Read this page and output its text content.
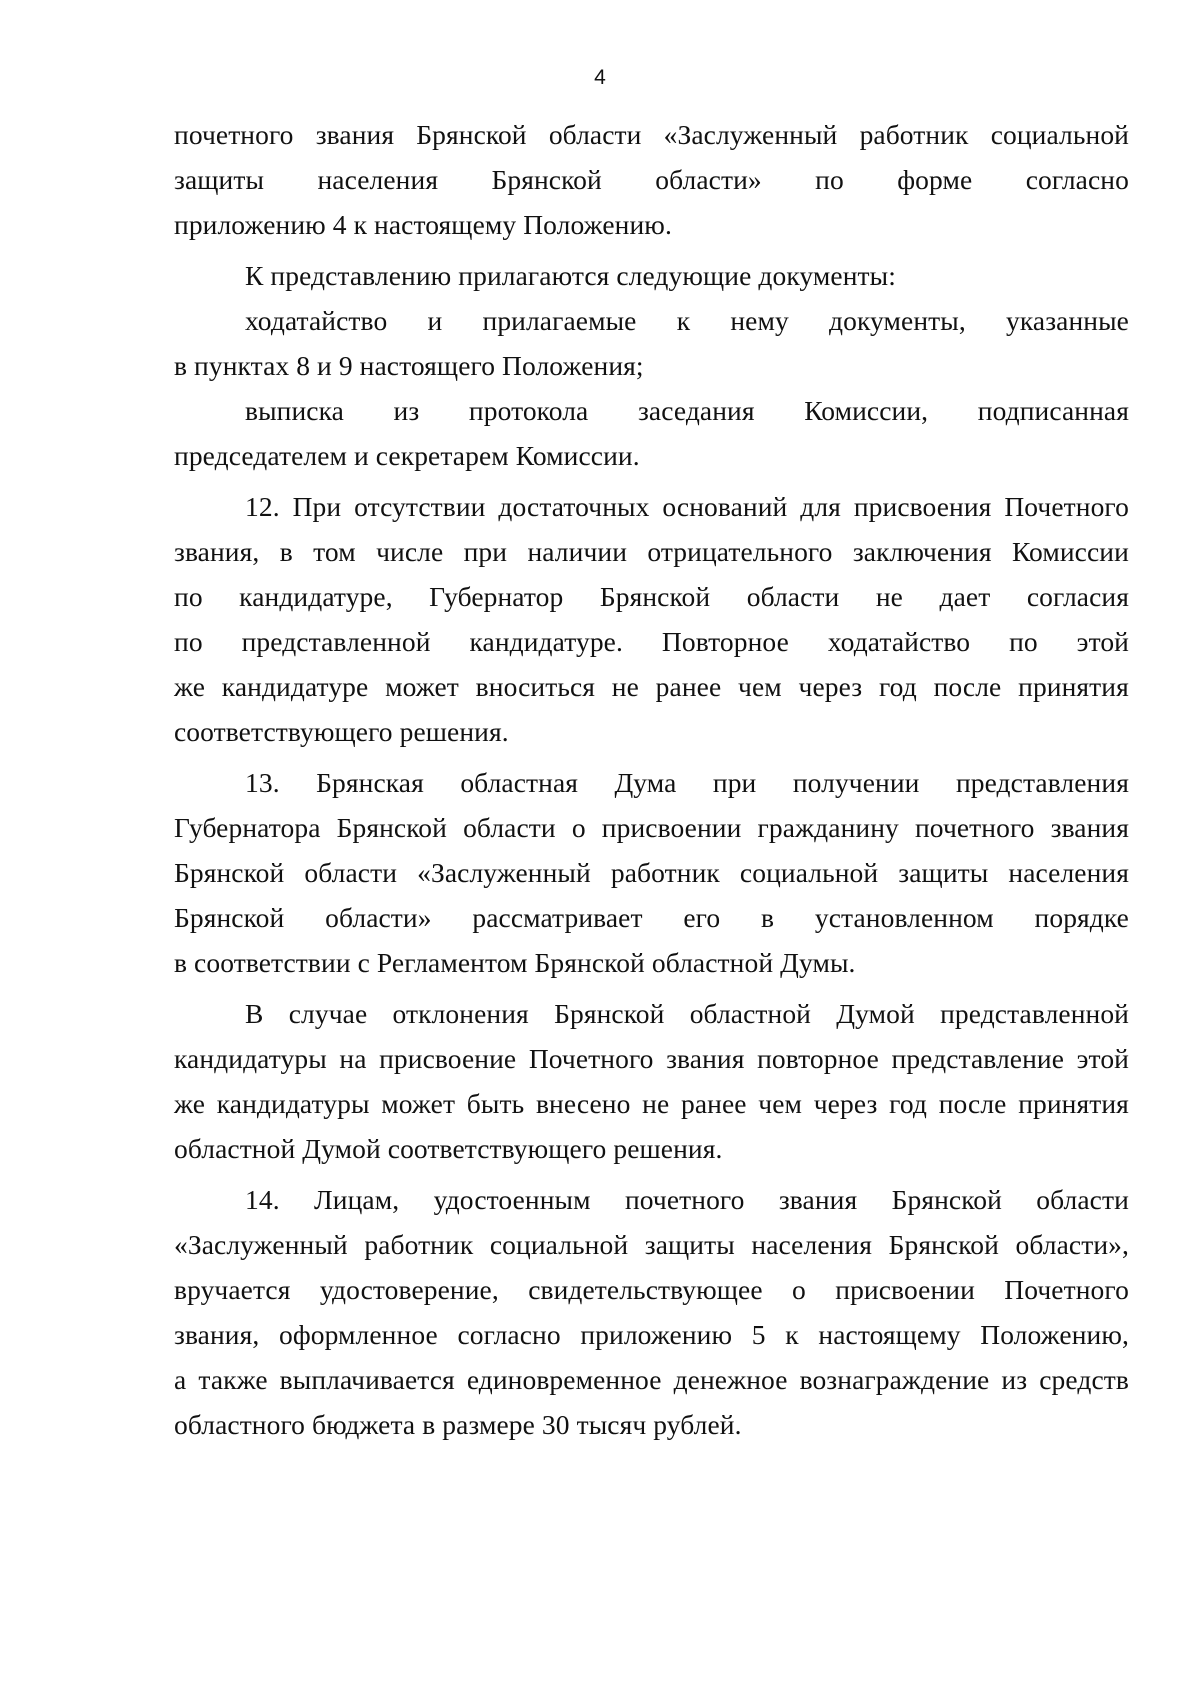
4
почетного звания Брянской области «Заслуженный работник социальной
защиты населения Брянской области» по форме согласно
приложению 4 к настоящему Положению.
К представлению прилагаются следующие документы:
ходатайство и прилагаемые к нему документы, указанные
в пунктах 8 и 9 настоящего Положения;
выписка из протокола заседания Комиссии, подписанная
председателем и секретарем Комиссии.
12. При отсутствии достаточных оснований для присвоения Почетного
звания, в том числе при наличии отрицательного заключения Комиссии
по кандидатуре, Губернатор Брянской области не дает согласия
по представленной кандидатуре. Повторное ходатайство по этой
же кандидатуре может вноситься не ранее чем через год после принятия
соответствующего решения.
13. Брянская областная Дума при получении представления
Губернатора Брянской области о присвоении гражданину почетного звания
Брянской области «Заслуженный работник социальной защиты населения
Брянской области» рассматривает его в установленном порядке
в соответствии с Регламентом Брянской областной Думы.
В случае отклонения Брянской областной Думой представленной
кандидатуры на присвоение Почетного звания повторное представление этой
же кандидатуры может быть внесено не ранее чем через год после принятия
областной Думой соответствующего решения.
14. Лицам, удостоенным почетного звания Брянской области
«Заслуженный работник социальной защиты населения Брянской области»,
вручается удостоверение, свидетельствующее о присвоении Почетного
звания, оформленное согласно приложению 5 к настоящему Положению,
а также выплачивается единовременное денежное вознаграждение из средств
областного бюджета в размере 30 тысяч рублей.
